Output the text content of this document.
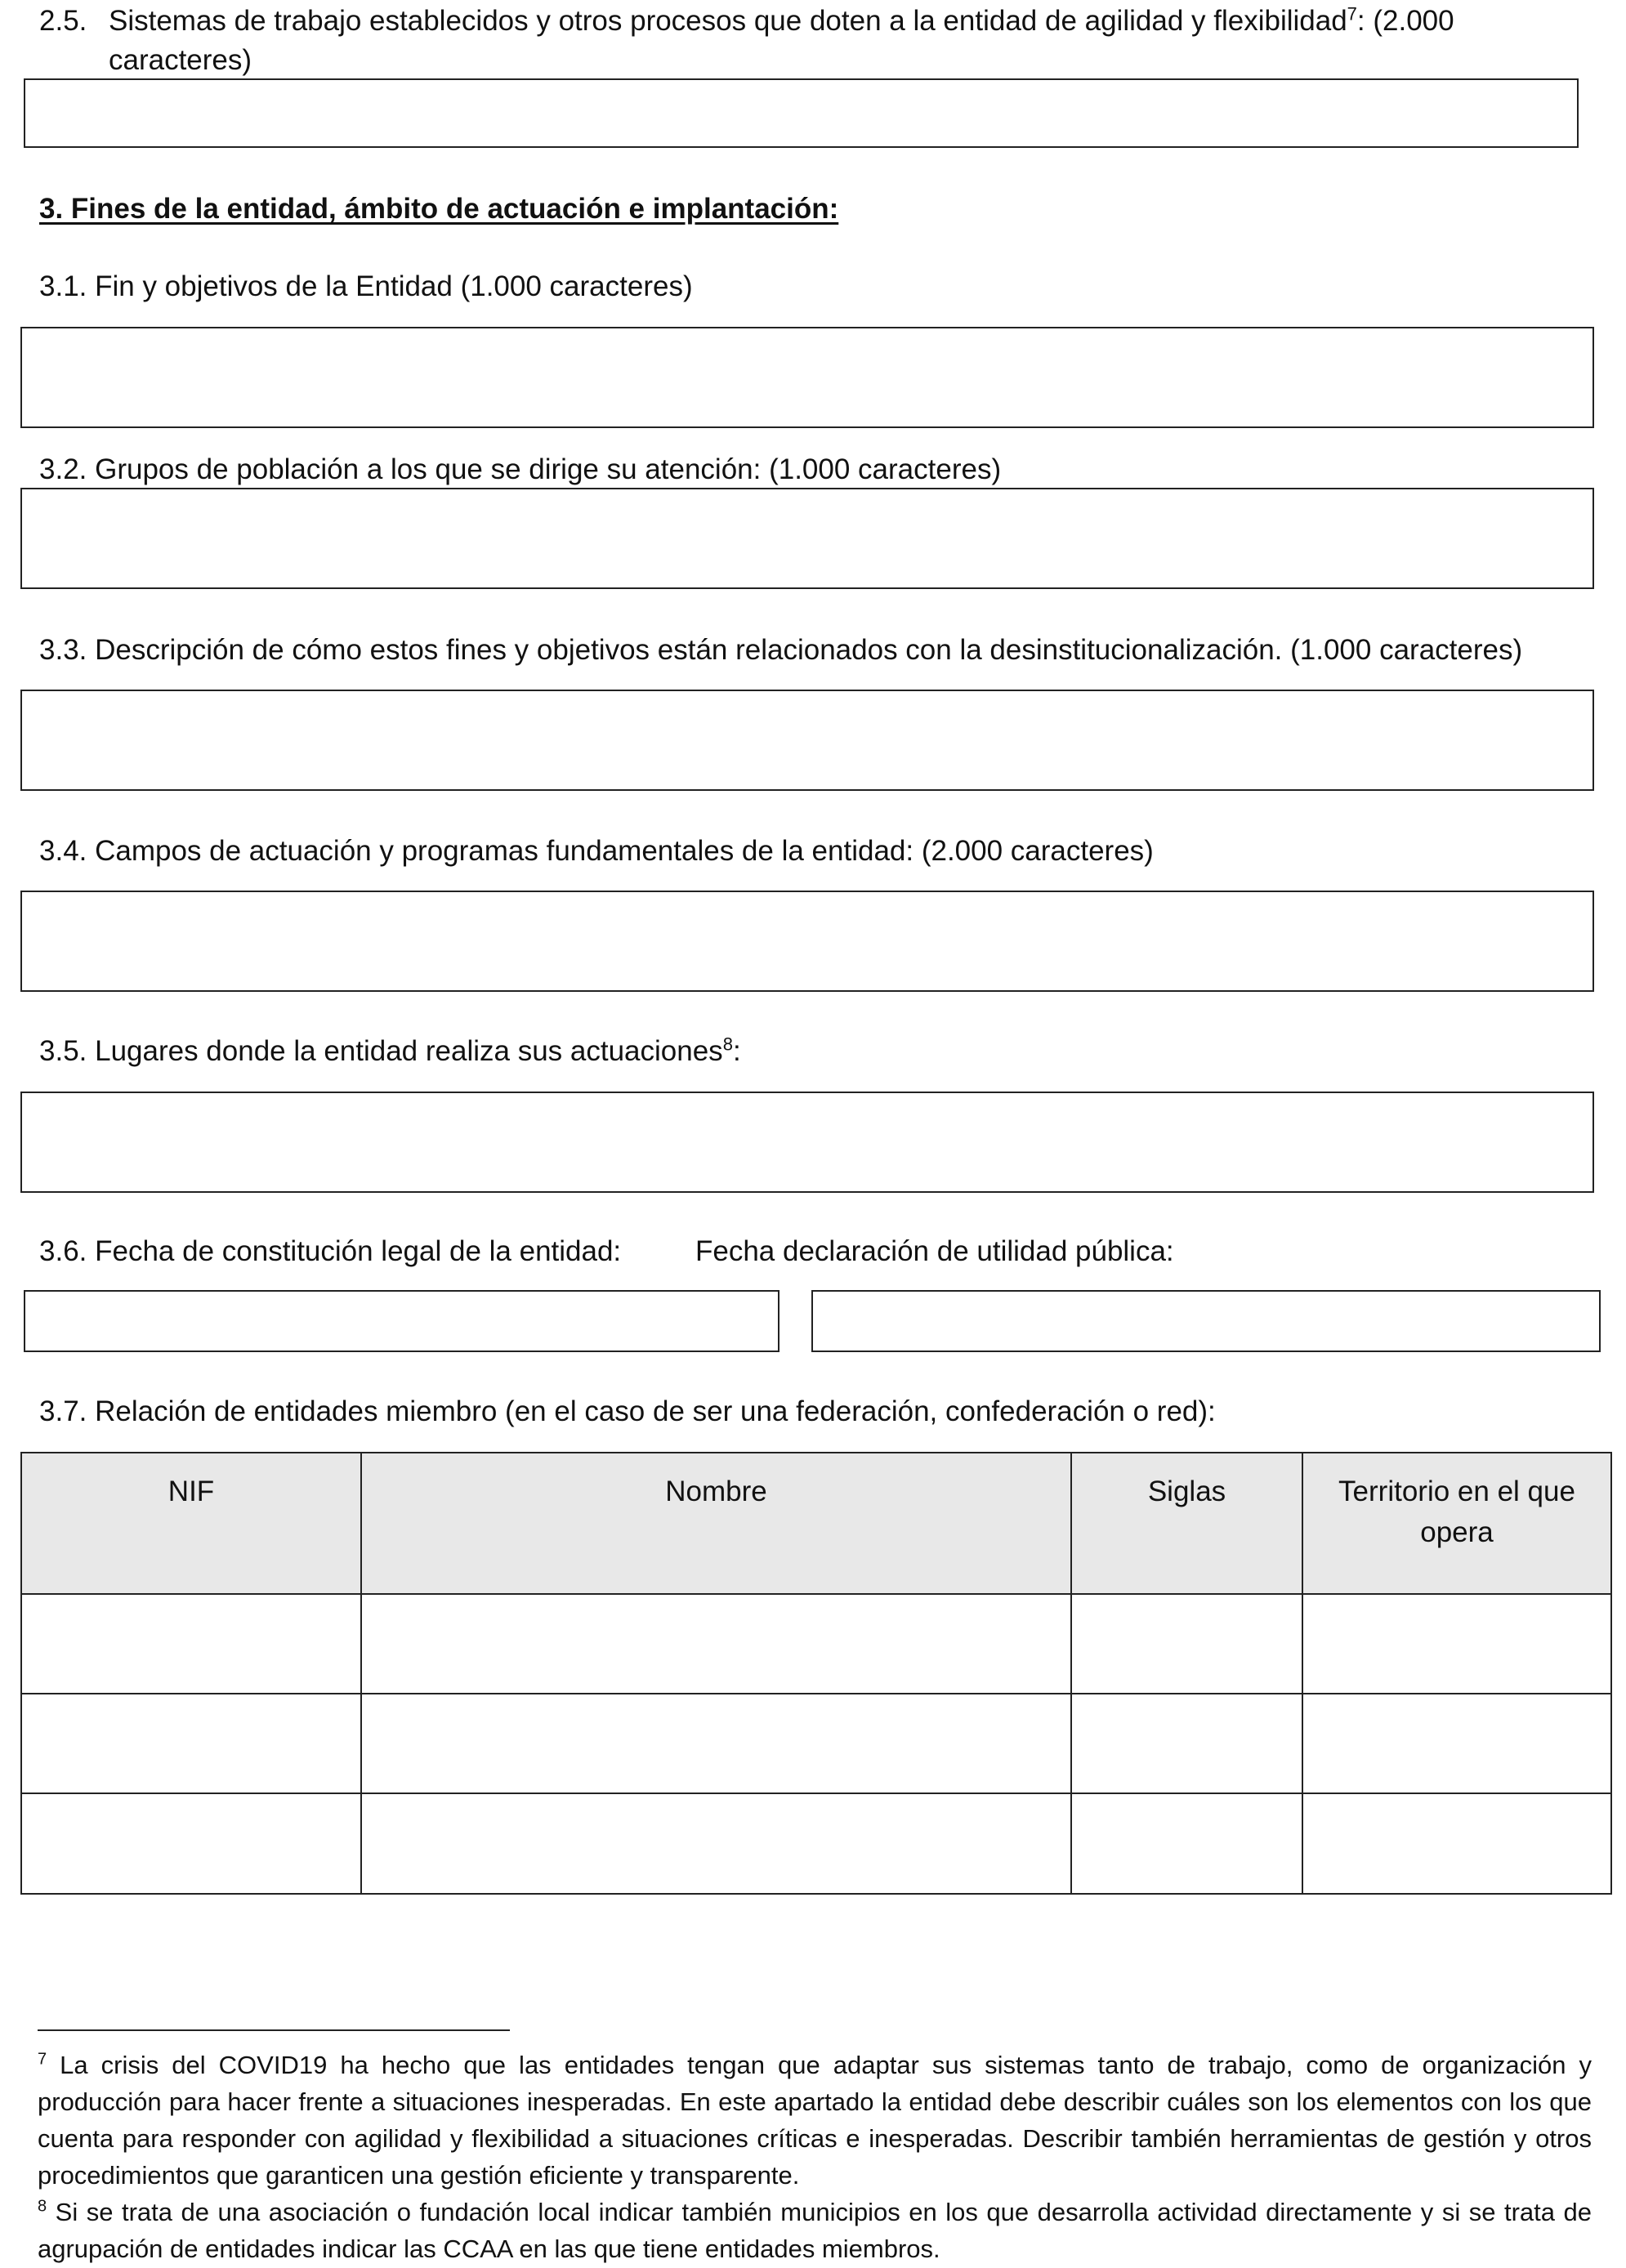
2.5. Sistemas de trabajo establecidos y otros procesos que doten a la entidad de agilidad y flexibilidad$^7$: (2.000
caracteres)
3. Fines de la entidad, ámbito de actuación e implantación:
3.1. Fin y objetivos de la Entidad (1.000 caracteres)
3.2. Grupos de población a los que se dirige su atención: (1.000 caracteres)
3.3. Descripción de cómo estos fines y objetivos están relacionados con la desinstitucionalización. (1.000 caracteres)
3.4. Campos de actuación y programas fundamentales de la entidad: (2.000 caracteres)
3.5. Lugares donde la entidad realiza sus actuaciones$^8$:
3.6. Fecha de constitución legal de la entidad:	Fecha declaración de utilidad pública:
3.7. Relación de entidades miembro (en el caso de ser una federación, confederación o red):
NIF	Nombre	Siglas	Territorio en el que opera

$^7$ La crisis del COVID19 ha hecho que las entidades tengan que adaptar sus sistemas tanto de trabajo, como de organización y producción para hacer frente a situaciones inesperadas. En este apartado la entidad debe describir cuáles son los elementos con los que cuenta para responder con agilidad y flexibilidad a situaciones críticas e inesperadas. Describir también herramientas de gestión y otros procedimientos que garanticen una gestión eficiente y transparente.
$^8$ Si se trata de una asociación o fundación local indicar también municipios en los que desarrolla actividad directamente y si se trata de agrupación de entidades indicar las CCAA en las que tiene entidades miembros.
